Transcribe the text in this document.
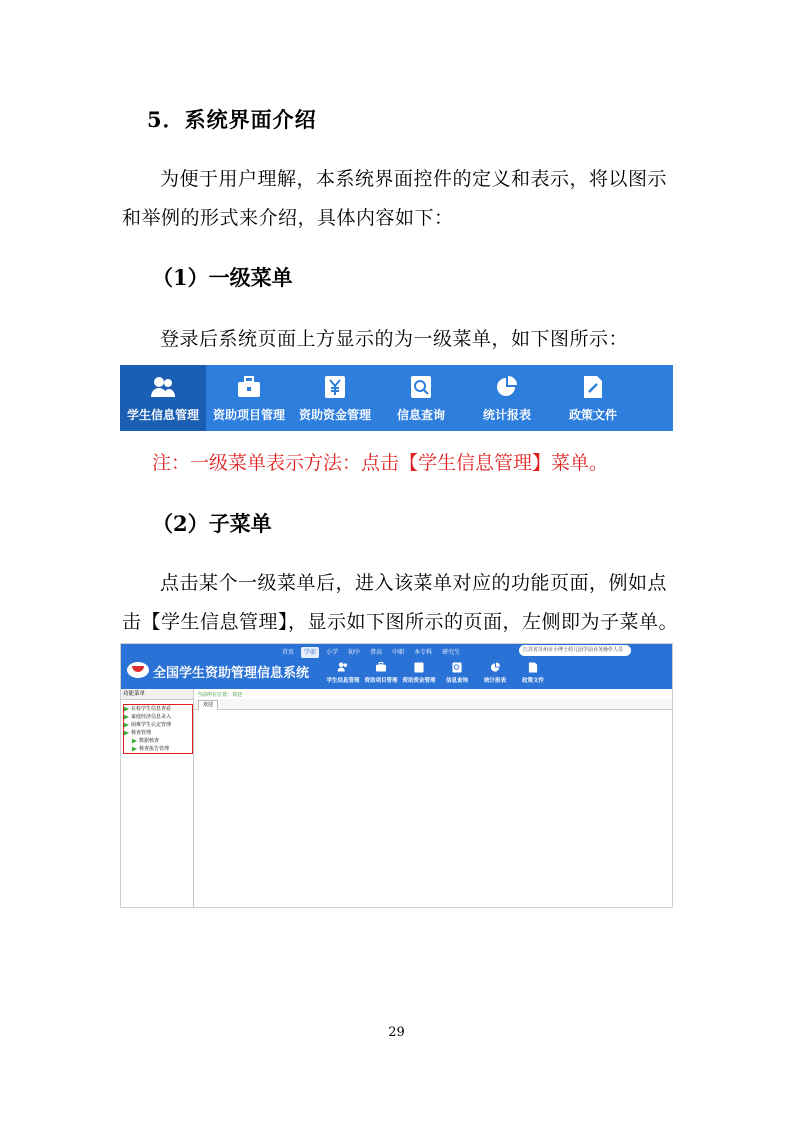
5．系统界面介绍
为便于用户理解，本系统界面控件的定义和表示，将以图示和举例的形式来介绍，具体内容如下：
（1）一级菜单
登录后系统页面上方显示的为一级菜单，如下图所示：
学生信息管理 资助项目管理 资助资金管理 信息查询	统计报表	政策文件
注：一级菜单表示方法：点击【学生信息管理】菜单。
（2）子菜单
点击某个一级菜单后，进入该菜单对应的功能页面，例如点击【学生信息管理】，显示如下图所示的页面，左侧即为子菜单。
首页	学前	小学	初中	普高	中职	本专科	研究生	江苏省苏州市小博士幼儿园学前业务操作人员
全国学生资助管理信息系统	学生信息管理 资助项目管理 资助资金管理 信息查询	统计报表	政策文件
功能菜单
在校学生信息查看
家庭经济信息录入
困难学生认定管理
核查管理
数据核查
核查报告管理
当前所在位置：欢迎
欢迎
29
